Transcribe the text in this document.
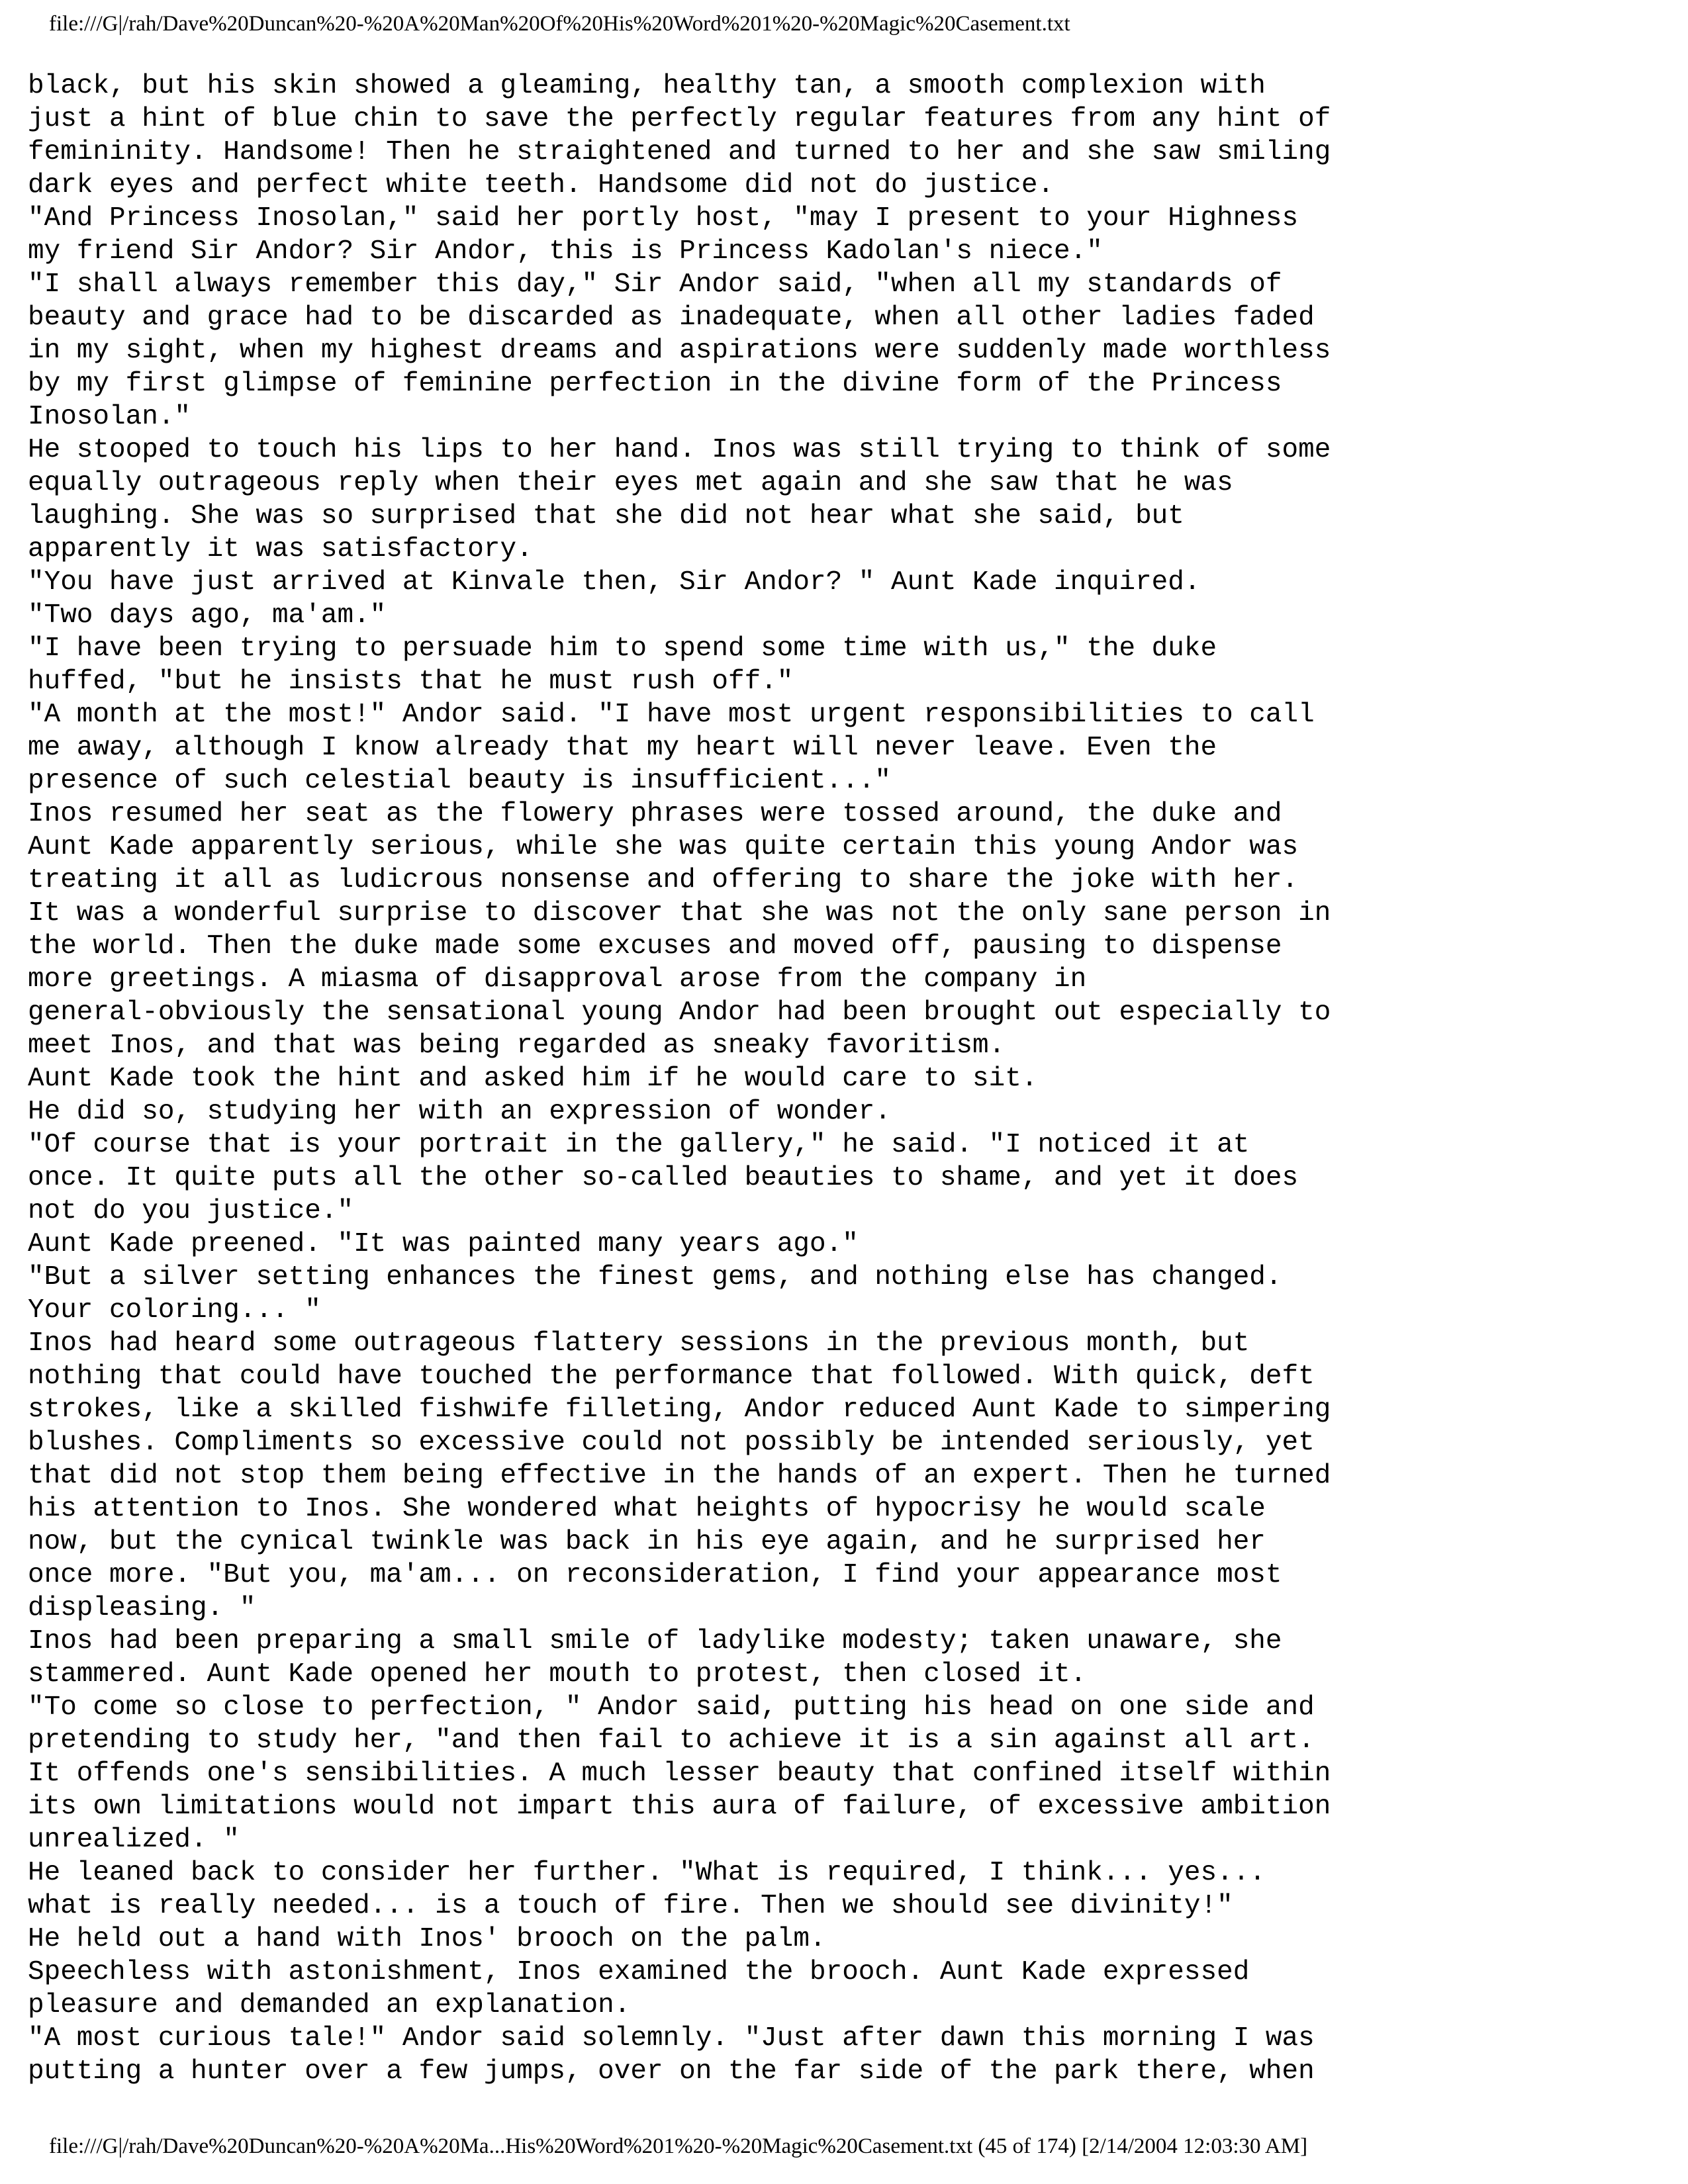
file:///G|/rah/Dave%20Duncan%20-%20A%20Man%20Of%20His%20Word%201%20-%20Magic%20Casement.txt
black, but his skin showed a gleaming, healthy tan, a smooth complexion with
just a hint of blue chin to save the perfectly regular features from any hint of
femininity. Handsome! Then he straightened and turned to her and she saw smiling
dark eyes and perfect white teeth. Handsome did not do justice.
"And Princess Inosolan," said her portly host, "may I present to your Highness
my friend Sir Andor? Sir Andor, this is Princess Kadolan's niece."
"I shall always remember this day," Sir Andor said, "when all my standards of
beauty and grace had to be discarded as inadequate, when all other ladies faded
in my sight, when my highest dreams and aspirations were suddenly made worthless
by my first glimpse of feminine perfection in the divine form of the Princess
Inosolan."
He stooped to touch his lips to her hand. Inos was still trying to think of some
equally outrageous reply when their eyes met again and she saw that he was
laughing. She was so surprised that she did not hear what she said, but
apparently it was satisfactory.
"You have just arrived at Kinvale then, Sir Andor? " Aunt Kade inquired.
"Two days ago, ma'am."
"I have been trying to persuade him to spend some time with us," the duke
huffed, "but he insists that he must rush off."
"A month at the most!" Andor said. "I have most urgent responsibilities to call
me away, although I know already that my heart will never leave. Even the
presence of such celestial beauty is insufficient..."
Inos resumed her seat as the flowery phrases were tossed around, the duke and
Aunt Kade apparently serious, while she was quite certain this young Andor was
treating it all as ludicrous nonsense and offering to share the joke with her.
It was a wonderful surprise to discover that she was not the only sane person in
the world. Then the duke made some excuses and moved off, pausing to dispense
more greetings. A miasma of disapproval arose from the company in
general-obviously the sensational young Andor had been brought out especially to
meet Inos, and that was being regarded as sneaky favoritism.
Aunt Kade took the hint and asked him if he would care to sit.
He did so, studying her with an expression of wonder.
"Of course that is your portrait in the gallery," he said. "I noticed it at
once. It quite puts all the other so-called beauties to shame, and yet it does
not do you justice."
Aunt Kade preened. "It was painted many years ago."
"But a silver setting enhances the finest gems, and nothing else has changed.
Your coloring... "
Inos had heard some outrageous flattery sessions in the previous month, but
nothing that could have touched the performance that followed. With quick, deft
strokes, like a skilled fishwife filleting, Andor reduced Aunt Kade to simpering
blushes. Compliments so excessive could not possibly be intended seriously, yet
that did not stop them being effective in the hands of an expert. Then he turned
his attention to Inos. She wondered what heights of hypocrisy he would scale
now, but the cynical twinkle was back in his eye again, and he surprised her
once more. "But you, ma'am... on reconsideration, I find your appearance most
displeasing. "
Inos had been preparing a small smile of ladylike modesty; taken unaware, she
stammered. Aunt Kade opened her mouth to protest, then closed it.
"To come so close to perfection, " Andor said, putting his head on one side and
pretending to study her, "and then fail to achieve it is a sin against all art.
It offends one's sensibilities. A much lesser beauty that confined itself within
its own limitations would not impart this aura of failure, of excessive ambition
unrealized. "
He leaned back to consider her further. "What is required, I think... yes...
what is really needed... is a touch of fire. Then we should see divinity!"
He held out a hand with Inos' brooch on the palm.
Speechless with astonishment, Inos examined the brooch. Aunt Kade expressed
pleasure and demanded an explanation.
"A most curious tale!" Andor said solemnly. "Just after dawn this morning I was
putting a hunter over a few jumps, over on the far side of the park there, when
file:///G|/rah/Dave%20Duncan%20-%20A%20Ma...His%20Word%201%20-%20Magic%20Casement.txt (45 of 174) [2/14/2004 12:03:30 AM]
